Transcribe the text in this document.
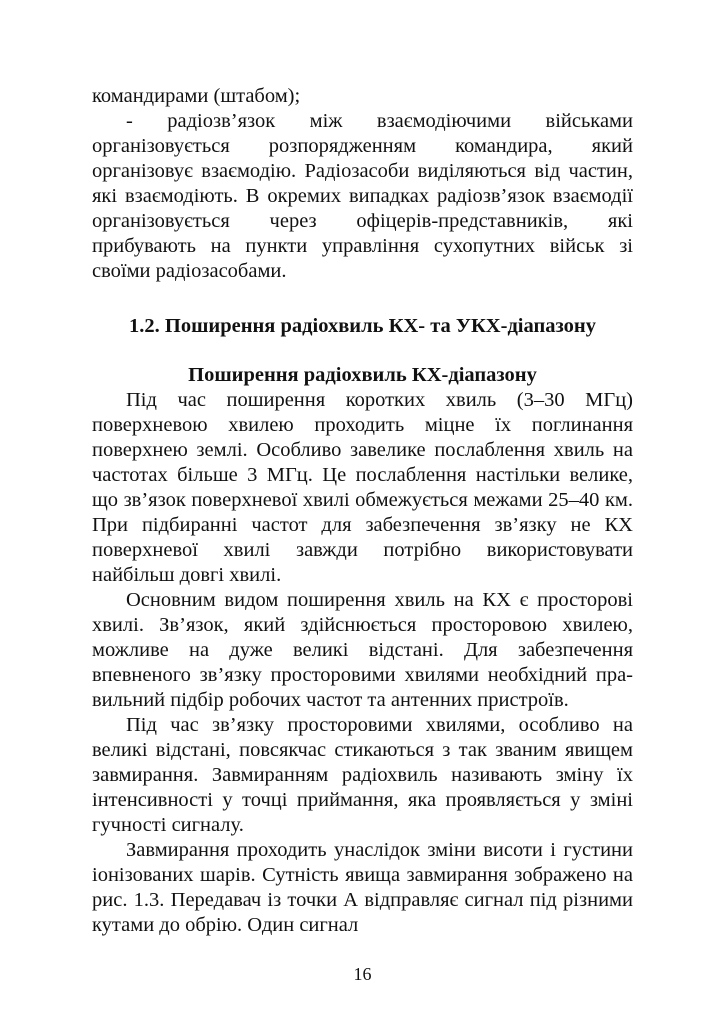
командирами (штабом);

- радіозв’язок між взаємодіючими військами організовується розпорядженням командира, який організовує взаємодію. Радіозасоби виділяються від частин, які взаємодіють. В окремих випадках радіозв’язок взаємодії організовується через офіцерів-представників, які прибувають на пункти управління сухопутних військ зі своїми радіозасобами.

1.2. Поширення радіохвиль КХ- та УКХ-діапазону
Поширення радіохвиль КХ-діапазону

Під час поширення коротких хвиль (3–30 МГц) поверхневою хвилею проходить міцне їх поглинання поверхнею землі. Особливо завелике послаблення хвиль на частотах більше 3 МГц. Це послаблення настільки велике, що зв’язок поверхневої хвилі обмежується межами 25–40 км. При підбиранні частот для забезпечення зв’язку не КХ поверхневої хвилі завжди потрібно використовувати найбільш довгі хвилі.

Основним видом поширення хвиль на КХ є просторові хвилі. Зв’язок, який здійснюється просторовою хвилею, можливе на дуже великі відстані. Для забезпечення впевненого зв’язку просторовими хвилями необхідний пра-вильний підбір робочих частот та антенних пристроїв.

Під час зв’язку просторовими хвилями, особливо на великі відстані, повсякчас стикаються з так званим явищем завмирання. Завмиранням радіохвиль називають зміну їх інтенсивності у точці приймання, яка проявляється у зміні гучності сигналу.

Завмирання проходить унаслідок зміни висоти і густини іонізованих шарів. Сутність явища завмирання зображено на рис. 1.3. Передавач із точки А відправляє сигнал під різними кутами до обрію. Один сигнал

16
